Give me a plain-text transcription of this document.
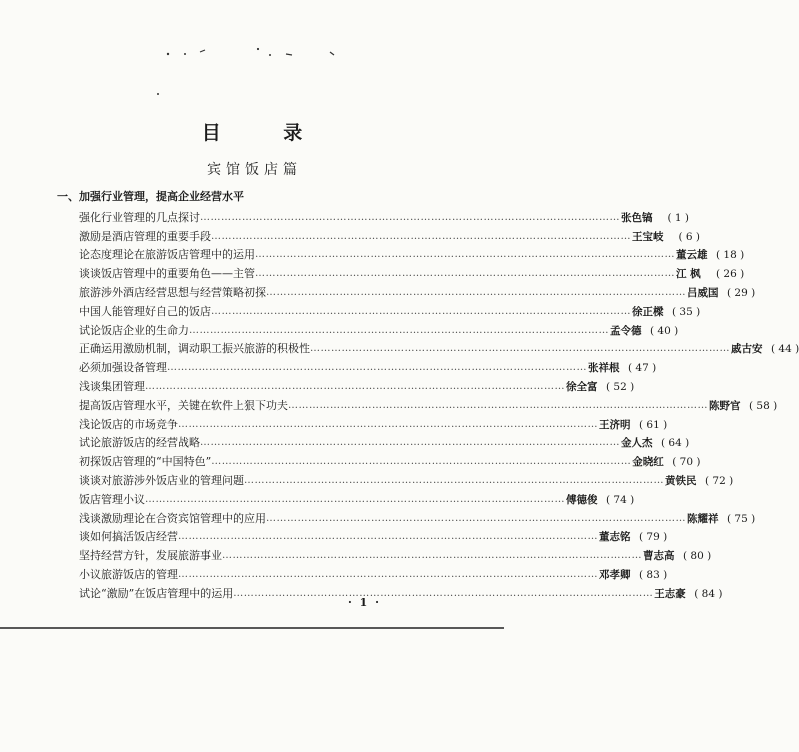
目 录
宾馆饭店篇
一、加强行业管理，提高企业经营水平
强化行业管理的几点探讨 ………………………………………………………………………………………………………… 张色镐	( 1 )
激励是酒店管理的重要手段 ………………………………………………………………………………………………………… 王宝岐	( 6 )
论态度理论在旅游饭店管理中的运用 ………………………………………………………………………………………………………… 董云雄 ( 18 )
谈谈饭店管理中的重要角色——主管 ………………………………………………………………………………………………………… 江 枫	( 26 )
旅游涉外酒店经营思想与经营策略初探 ………………………………………………………………………………………………………… 吕威国 ( 29 )
中国人能管理好自己的饭店 ………………………………………………………………………………………………………… 徐正樑 ( 35 )
试论饭店企业的生命力 ………………………………………………………………………………………………………… 孟令德 ( 40 )
正确运用激励机制，调动职工振兴旅游的积极性 ………………………………………………………………………………………………………… 戚古安 ( 44 )
必须加强设备管理 ………………………………………………………………………………………………………… 张祥根 ( 47 )
浅谈集团管理 ………………………………………………………………………………………………………… 徐全富 ( 52 )
提高饭店管理水平，关键在软件上狠下功夫 ………………………………………………………………………………………………………… 陈野官 ( 58 )
浅论饭店的市场竞争 ………………………………………………………………………………………………………… 王济明 ( 61 )
试论旅游饭店的经营战略 ………………………………………………………………………………………………………… 金人杰 ( 64 )
初探饭店管理的“中国特色” ………………………………………………………………………………………………………… 金晓红 ( 70 )
谈谈对旅游涉外饭店业的管理问题 ………………………………………………………………………………………………………… 黄铁民 ( 72 )
饭店管理小议 ………………………………………………………………………………………………………… 傅德俊 ( 74 )
浅谈激励理论在合资宾馆管理中的应用 ………………………………………………………………………………………………………… 陈耀祥 ( 75 )
谈如何搞活饭店经营 ………………………………………………………………………………………………………… 董志铭 ( 79 )
坚持经营方针，发展旅游事业 ………………………………………………………………………………………………………… 曹志高 ( 80 )
小议旅游饭店的管理 ………………………………………………………………………………………………………… 邓孝卿 ( 83 )
试论“激励”在饭店管理中的运用 ………………………………………………………………………………………………………… 王志豪 ( 84 )
· 1 ·
